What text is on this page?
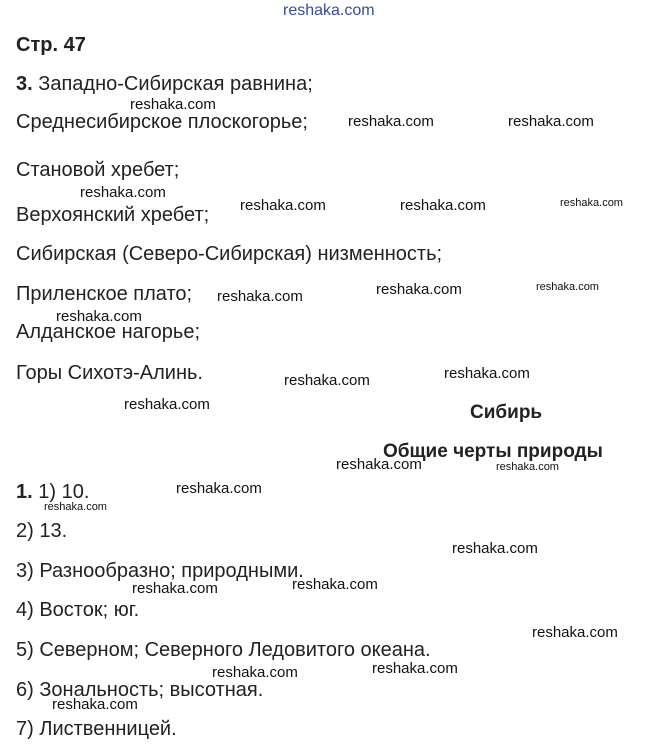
reshaka.com
Стр. 47
3. Западно-Сибирская равнина;
Среднесибирское плоскогорье;
Становой хребет;
Верхоянский хребет;
Сибирская (Северо-Сибирская) низменность;
Приленское плато;
Алданское нагорье;
Горы Сихотэ-Алинь.
Сибирь
Общие черты природы
1. 1) 10.
2) 13.
3) Разнообразно; природными.
4) Восток; юг.
5) Северном; Северного Ледовитого океана.
6) Зональность; высотная.
7) Лиственницей.
reshaka.com
reshaka.com	reshaka.com
reshaka.com
reshaka.com	reshaka.com	reshaka.com
reshaka.com	reshaka.com	reshaka.com
reshaka.com
reshaka.com	reshaka.com
reshaka.com
reshaka.com	reshaka.com
reshaka.com
reshaka.com
reshaka.com
reshaka.com
reshaka.com
reshaka.com
reshaka.com	reshaka.com
reshaka.com
